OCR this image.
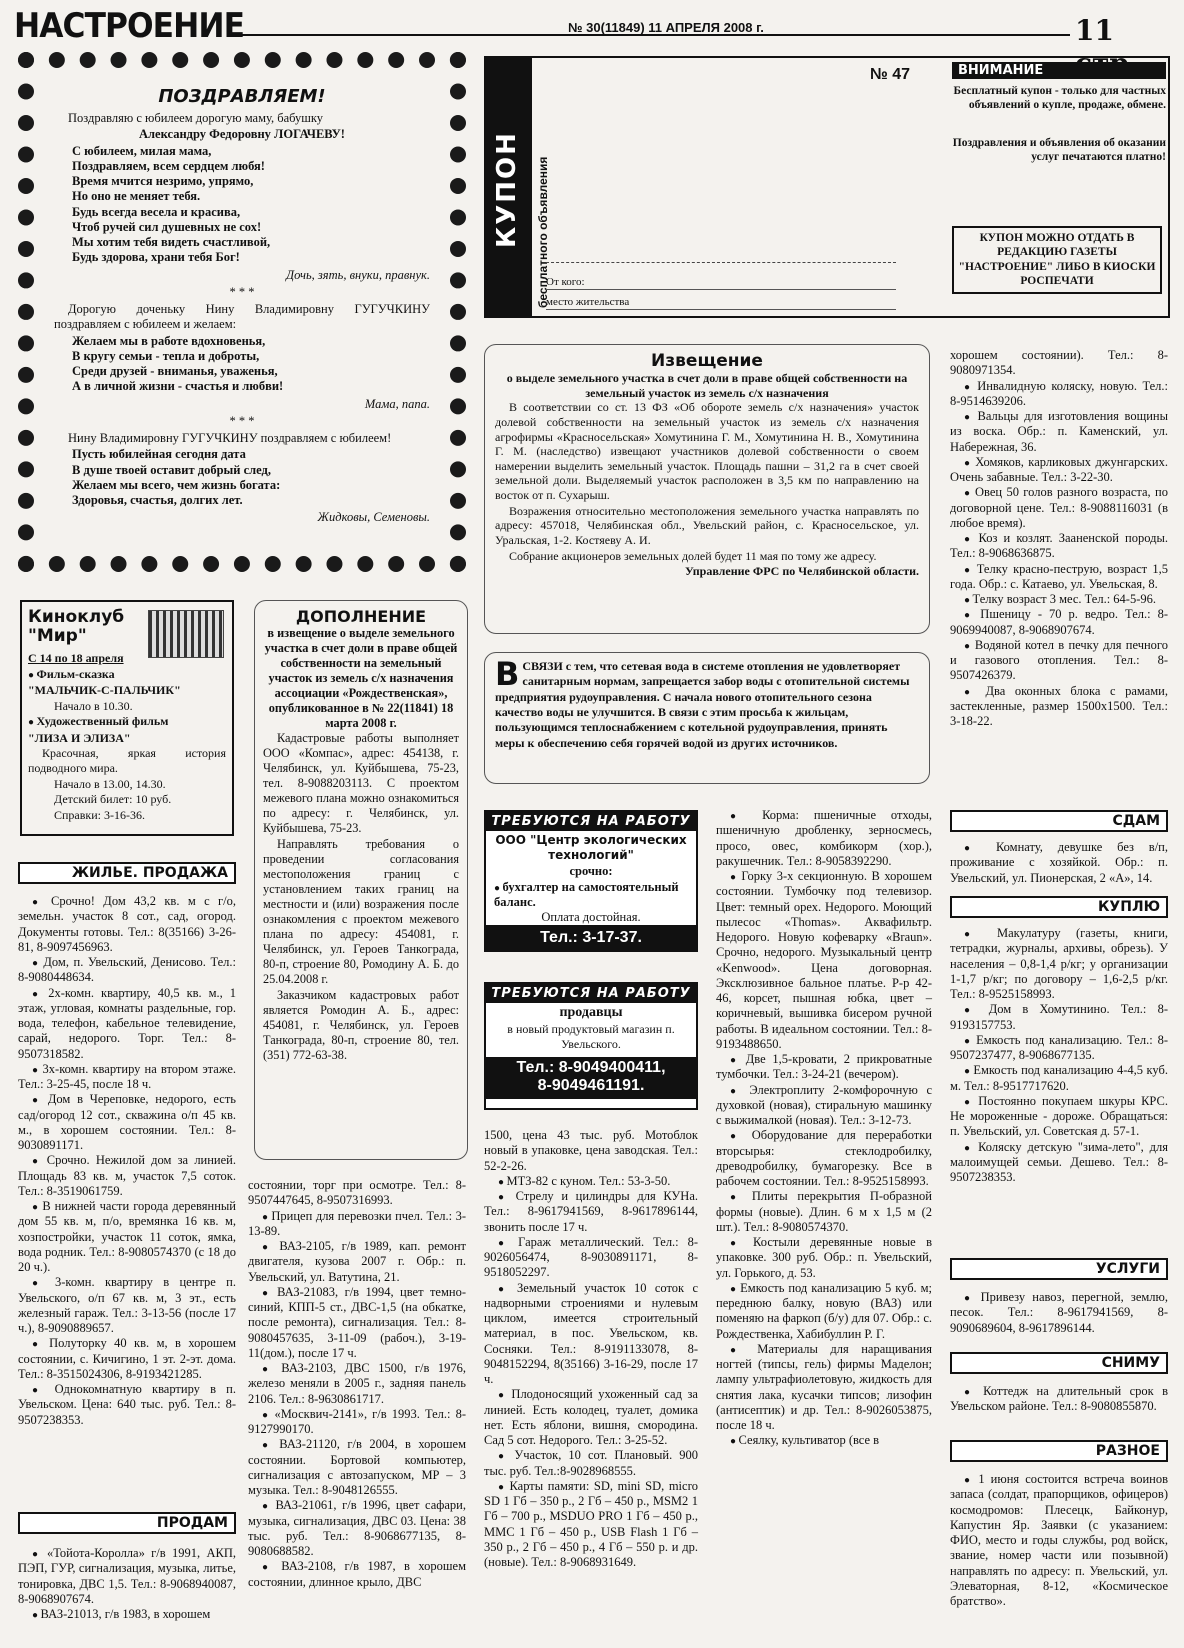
НАСТРОЕНИЕ	№ 30(11849) 11 АПРЕЛЯ 2008 г.	11
ПОЗДРАВЛЯЕМ!

Поздравляю с юбилеем дорогую маму, бабушку

Александру Федоровну ЛОГАЧЕВУ!

С юбилеем, милая мама,
Поздравляем, всем сердцем любя!
Время мчится незримо, упрямо,
Но оно не меняет тебя.
Будь всегда весела и красива,
Чтоб ручей сил душевных не сох!
Мы хотим тебя видеть счастливой,
Будь здорова, храни тебя Бог!
Дочь, зять, внуки, правнук.
* * *

Дорогую доченьку Нину Владимировну ГУГУЧКИНУ поздравляем с юбилеем и желаем:

Желаем мы в работе вдохновенья,
В кругу семьи - тепла и доброты,
Среди друзей - вниманья, уваженья,
А в личной жизни - счастья и любви!
Мама, папа.
* * *

Нину Владимировну ГУГУЧКИНУ поздравляем с юбилеем!

Пусть юбилейная сегодня дата
В душе твоей оставит добрый след,
Желаем мы всего, чем жизнь богата:
Здоровья, счастья, долгих лет.
Жидковы, Семеновы.
КУПОН бесплатного объявления
№ 47
От кого:
место жительства
ВНИМАНИЕ
Бесплатный купон - только для частных объявлений о купле, продаже, обмене.
Поздравления и объявления об оказании услуг печатаются платно!
КУПОН МОЖНО ОТДАТЬ В РЕДАКЦИЮ ГАЗЕТЫ "НАСТРОЕНИЕ" ЛИБО В КИОСКИ РОСПЕЧАТИ
Извещение
о выделе земельного участка в счет доли в праве общей собственности на земельный участок из земель с/х назначения

В соответствии со ст. 13 ФЗ «Об обороте земель с/х назначения» участок долевой собственности на земельный участок из земель с/х назначения агрофирмы «Красносельская» Хомутинина Г. М., Хомутинина Н. В., Хомутинина Г. М. (наследство) извещают участников долевой собственности о своем намерении выделить земельный участок. Площадь пашни – 31,2 га в счет своей земельной доли. Выделяемый участок расположен в 3,5 км по направлению на восток от п. Сухарыш.

Возражения относительно местоположения земельного участка направлять по адресу: 457018, Челябинская обл., Увельский район, с. Красносельское, ул. Уральская, 1-2. Костяеву А. И.

Собрание акционеров земельных долей будет 11 мая по тому же адресу.

Управление ФРС по Челябинской области.

В СВЯЗИ с тем, что сетевая вода в системе отопления не удовлетворяет санитарным нормам, запрещается забор воды с отопительной системы предприятия рудоуправления. С начала нового отопительного сезона качество воды не улучшится. В связи с этим просьба к жильцам, пользующимся теплоснабжением с котельной рудоуправления, принять меры к обеспечению себя горячей водой из других источников.
Киноклуб "Мир"

С 14 по 18 апреля

● Фильм-сказка

"МАЛЬЧИК-С-ПАЛЬЧИК"

Начало в 10.30.

● Художественный фильм

"ЛИЗА И ЭЛИЗА"

Красочная, яркая история подводного мира.

Начало в 13.00, 14.30.

Детский билет: 10 руб.

Справки: 3-16-36.

ДОПОЛНЕНИЕ
в извещение о выделе земельного участка в счет доли в праве общей собственности на земельный участок из земель с/х назначения ассоциации «Рождественская», опубликованное в № 22(11841) 18 марта 2008 г.

Кадастровые работы выполняет ООО «Компас», адрес: 454138, г. Челябинск, ул. Куйбышева, 75-23, тел. 8-9088203113. С проектом межевого плана можно ознакомиться по адресу: г. Челябинск, ул. Куйбышева, 75-23.

Направлять требования о проведении согласования местоположения границ с установлением таких границ на местности и (или) возражения после ознакомления с проектом межевого плана по адресу: 454081, г. Челябинск, ул. Героев Танкограда, 80-п, строение 80, Ромодину А. Б. до 25.04.2008 г.

Заказчиком кадастровых работ является Ромодин А. Б., адрес: 454081, г. Челябинск, ул. Героев Танкограда, 80-п, строение 80, тел. (351) 772-63-38.

ЖИЛЬЕ. ПРОДАЖА

● Срочно! Дом 43,2 кв. м с г/о, земельн. участок 8 сот., сад, огород. Документы готовы. Тел.: 8(35166) 3-26-81, 8-9097456963.

● Дом, п. Увельский, Денисово. Тел.: 8-9080448634.

● 2х-комн. квартиру, 40,5 кв. м., 1 этаж, угловая, комнаты раздельные, гор. вода, телефон, кабельное телевидение, сарай, недорого. Торг. Тел.: 8-9507318582.

● 3х-комн. квартиру на втором этаже. Тел.: 3-25-45, после 18 ч.

● Дом в Череповке, недорого, есть сад/огород 12 сот., скважина о/п 45 кв. м., в хорошем состоянии. Тел.: 8-9030891171.

● Срочно. Нежилой дом за линией. Площадь 83 кв. м, участок 7,5 соток. Тел.: 8-3519061759.

● В нижней части города деревянный дом 55 кв. м, п/о, времянка 16 кв. м, хозпостройки, участок 11 соток, ямка, вода родник. Тел.: 8-9080574370 (с 18 до 20 ч.).

● 3-комн. квартиру в центре п. Увельского, о/п 67 кв. м, 3 эт., есть железный гараж. Тел.: 3-13-56 (после 17 ч.), 8-9090889657.

● Полуторку 40 кв. м, в хорошем состоянии, с. Кичигино, 1 эт. 2-эт. дома. Тел.: 8-3515024306, 8-9193421285.

● Однокомнатную квартиру в п. Увельском. Цена: 640 тыс. руб. Тел.: 8-9507238353.

ПРОДАМ

● «Тойота-Королла» г/в 1991, АКП, ПЭП, ГУР, сигнализация, музыка, литье, тонировка, ДВС 1,5. Тел.: 8-9068940087, 8-9068907674.

● ВАЗ-21013, г/в 1983, в хорошем

состоянии, торг при осмотре. Тел.: 8-9507447645, 8-9507316993.

● Прицеп для перевозки пчел. Тел.: 3-13-89.

● ВАЗ-2105, г/в 1989, кап. ремонт двигателя, кузова 2007 г. Обр.: п. Увельский, ул. Ватутина, 21.

● ВАЗ-21083, г/в 1994, цвет темно-синий, КПП-5 ст., ДВС-1,5 (на обкатке, после ремонта), сигнализация. Тел.: 8-9080457635, 3-11-09 (рабоч.), 3-19-11(дом.), после 17 ч.

● ВАЗ-2103, ДВС 1500, г/в 1976, железо меняли в 2005 г., задняя панель 2106. Тел.: 8-9630861717.

● «Москвич-2141», г/в 1993. Тел.: 8-9127990170.

● ВАЗ-21120, г/в 2004, в хорошем состоянии. Бортовой компьютер, сигнализация с автозапуском, MP – 3 музыка. Тел.: 8-9048126555.

● ВАЗ-21061, г/в 1996, цвет сафари, музыка, сигнализация, ДВС 03. Цена: 38 тыс. руб. Тел.: 8-9068677135, 8-9080688582.

● ВАЗ-2108, г/в 1987, в хорошем состоянии, длинное крыло, ДВС

ТРЕБУЮТСЯ НА РАБОТУ
ООО "Центр экологических технологий"
срочно:
● бухгалтер на самостоятельный баланс.
Оплата достойная.
Тел.: 3-17-37.
ТРЕБУЮТСЯ НА РАБОТУ
продавцы
в новый продуктовый магазин п. Увельского.
Тел.: 8-9049400411,
8-9049461191.

1500, цена 43 тыс. руб. Мотоблок новый в упаковке, цена заводская. Тел.: 52-2-26.

● МТЗ-82 с куном. Тел.: 53-3-50.

● Стрелу и цилиндры для КУНа. Тел.: 8-9617941569, 8-9617896144, звонить после 17 ч.

● Гараж металлический. Тел.: 8-9026056474, 8-9030891171, 8-9518052297.

● Земельный участок 10 соток с надворными строениями и нулевым циклом, имеется строительный материал, в пос. Увельском, кв. Сосняки. Тел.: 8-9191133078, 8-9048152294, 8(35166) 3-16-29, после 17 ч.

● Плодоносящий ухоженный сад за линией. Есть колодец, туалет, домика нет. Есть яблони, вишня, смородина. Сад 5 сот. Недорого. Тел.: 3-25-52.

● Участок, 10 сот. Плановый. 900 тыс. руб. Тел.:8-9028968555.

● Карты памяти: SD, mini SD, micro SD 1 Гб – 350 р., 2 Гб – 450 р., MSM2 1 Гб – 700 р., MSDUO PRO 1 Гб – 450 р., MMC 1 Гб – 450 р., USB Flash 1 Гб – 350 р., 2 Гб – 450 р., 4 Гб – 550 р. и др. (новые). Тел.: 8-9068931649.

● Корма: пшеничные отходы, пшеничную дробленку, зерносмесь, просо, овес, комбикорм (хор.), ракушечник. Тел.: 8-9058392290.

● Горку 3-х секционную. В хорошем состоянии. Тумбочку под телевизор. Цвет: темный орех. Недорого. Моющий пылесос «Thomas». Аквафильтр. Недорого. Новую кофеварку «Braun». Срочно, недорого. Музыкальный центр «Kenwood». Цена договорная. Эксклюзивное бальное платье. Р-р 42-46, корсет, пышная юбка, цвет – коричневый, вышивка бисером ручной работы. В идеальном состоянии. Тел.: 8-9193488650.

● Две 1,5-кровати, 2 прикроватные тумбочки. Тел.: 3-24-21 (вечером).

● Электроплиту 2-комфорочную с духовкой (новая), стиральную машинку с выжималкой (новая). Тел.: 3-12-73.

● Оборудование для переработки вторсырья: стеклодробилку, древодробилку, бумагорезку. Все в рабочем состоянии. Тел.: 8-9525158993.

● Плиты перекрытия П-образной формы (новые). Длин. 6 м х 1,5 м (2 шт.). Тел.: 8-9080574370.

● Костыли деревянные новые в упаковке. 300 руб. Обр.: п. Увельский, ул. Горького, д. 53.

● Емкость под канализацию 5 куб. м; переднюю балку, новую (ВАЗ) или поменяю на фаркоп (б/у) для 07. Обр.: с. Рождественка, Хабибуллин Р. Г.

● Материалы для наращивания ногтей (типсы, гель) фирмы Маделон; лампу ультрафиолетовую, жидкость для снятия лака, кусачки типсов; лизофин (антисептик) и др. Тел.: 8-9026053875, после 18 ч.

● Сеялку, культиватор (все в

хорошем состоянии). Тел.: 8-9080971354.

● Инвалидную коляску, новую. Тел.: 8-9514639206.

● Вальцы для изготовления вощины из воска. Обр.: п. Каменский, ул. Набережная, 36.

● Хомяков, карликовых джунгарских. Очень забавные. Тел.: 3-22-30.

● Овец 50 голов разного возраста, по договорной цене. Тел.: 8-9088116031 (в любое время).

● Коз и козлят. Зааненской породы. Тел.: 8-9068636875.

● Телку красно-пеструю, возраст 1,5 года. Обр.: с. Катаево, ул. Увельская, 8.

● Телку возраст 3 мес. Тел.: 64-5-96.

● Пшеницу - 70 р. ведро. Тел.: 8-9069940087, 8-9068907674.

● Водяной котел в печку для печного и газового отопления. Тел.: 8-9507426379.

● Два оконных блока с рамами, застекленные, размер 1500х1500. Тел.: 3-18-22.

СДАМ

● Комнату, девушке без в/п, проживание с хозяйкой. Обр.: п. Увельский, ул. Пионерская, 2 «А», 14.

КУПЛЮ

● Макулатуру (газеты, книги, тетрадки, журналы, архивы, обрезь). У населения – 0,8-1,4 р/кг; у организации 1-1,7 р/кг; по договору – 1,6-2,5 р/кг. Тел.: 8-9525158993.

● Дом в Хомутинино. Тел.: 8-9193157753.

● Емкость под канализацию. Тел.: 8-9507237477, 8-9068677135.

● Емкость под канализацию 4-4,5 куб. м. Тел.: 8-9517717620.

● Постоянно покупаем шкуры КРС. Не мороженные - дороже. Обращаться: п. Увельский, ул. Советская д. 57-1.

● Коляску детскую "зима-лето", для малоимущей семьи. Дешево. Тел.: 8-9507238353.

УСЛУГИ

● Привезу навоз, перегной, землю, песок. Тел.: 8-9617941569, 8-9090689604, 8-9617896144.

СНИМУ

● Коттедж на длительный срок в Увельском районе. Тел.: 8-9080855870.

РАЗНОЕ

● 1 июня состоится встреча воинов запаса (солдат, прапорщиков, офицеров) космодромов: Плесецк, Байконур, Капустин Яр. Заявки (с указанием: ФИО, место и годы службы, род войск, звание, номер части или позывной) направлять по адресу: п. Увельский, ул. Элеваторная, 8-12, «Космическое братство».
